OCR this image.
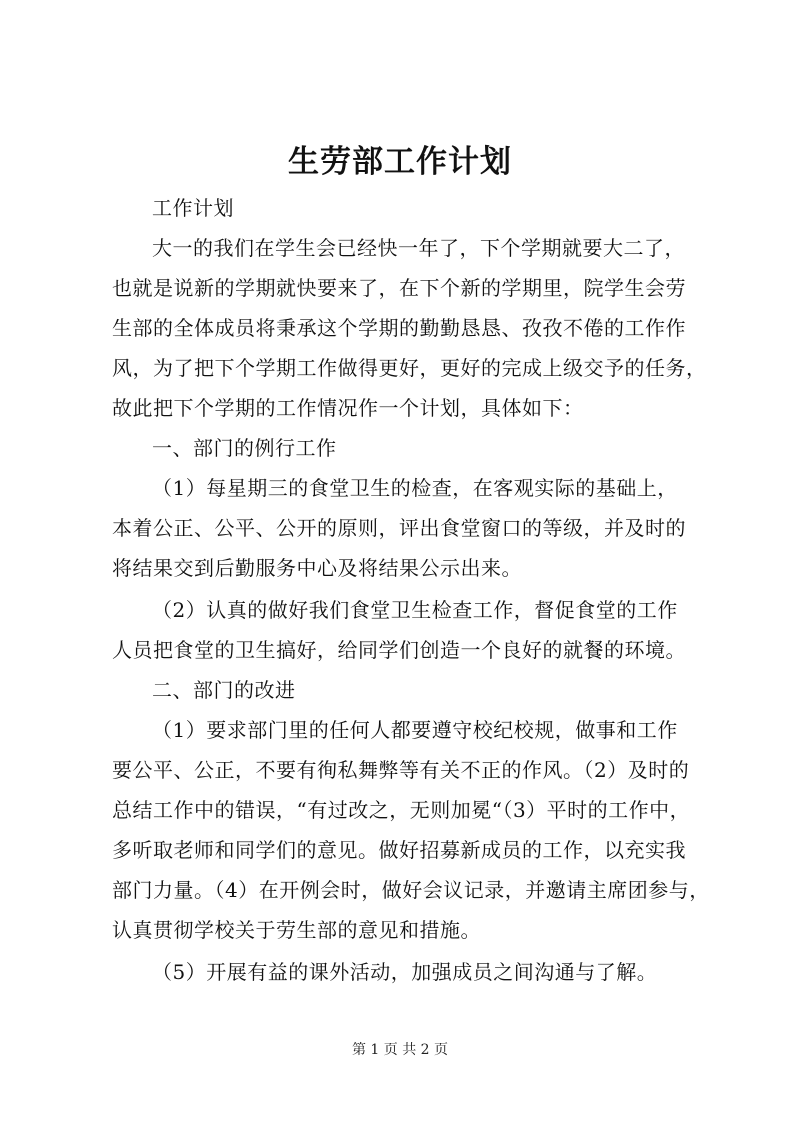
生劳部工作计划
工作计划
大一的我们在学生会已经快一年了，下个学期就要大二了，
也就是说新的学期就快要来了，在下个新的学期里，院学生会劳
生部的全体成员将秉承这个学期的勤勤恳恳、孜孜不倦的工作作
风，为了把下个学期工作做得更好，更好的完成上级交予的任务，
故此把下个学期的工作情况作一个计划，具体如下：
一、部门的例行工作
（1）每星期三的食堂卫生的检查，在客观实际的基础上，
本着公正、公平、公开的原则，评出食堂窗口的等级，并及时的
将结果交到后勤服务中心及将结果公示出来。
（2）认真的做好我们食堂卫生检查工作，督促食堂的工作
人员把食堂的卫生搞好，给同学们创造一个良好的就餐的环境。
二、部门的改进
（1）要求部门里的任何人都要遵守校纪校规，做事和工作
要公平、公正，不要有徇私舞弊等有关不正的作风。（2）及时的
总结工作中的错误，“有过改之，无则加冕“（3）平时的工作中，
多听取老师和同学们的意见。做好招募新成员的工作，以充实我
部门力量。（4）在开例会时，做好会议记录，并邀请主席团参与，
认真贯彻学校关于劳生部的意见和措施。
（5）开展有益的课外活动，加强成员之间沟通与了解。
第 1 页 共 2 页
